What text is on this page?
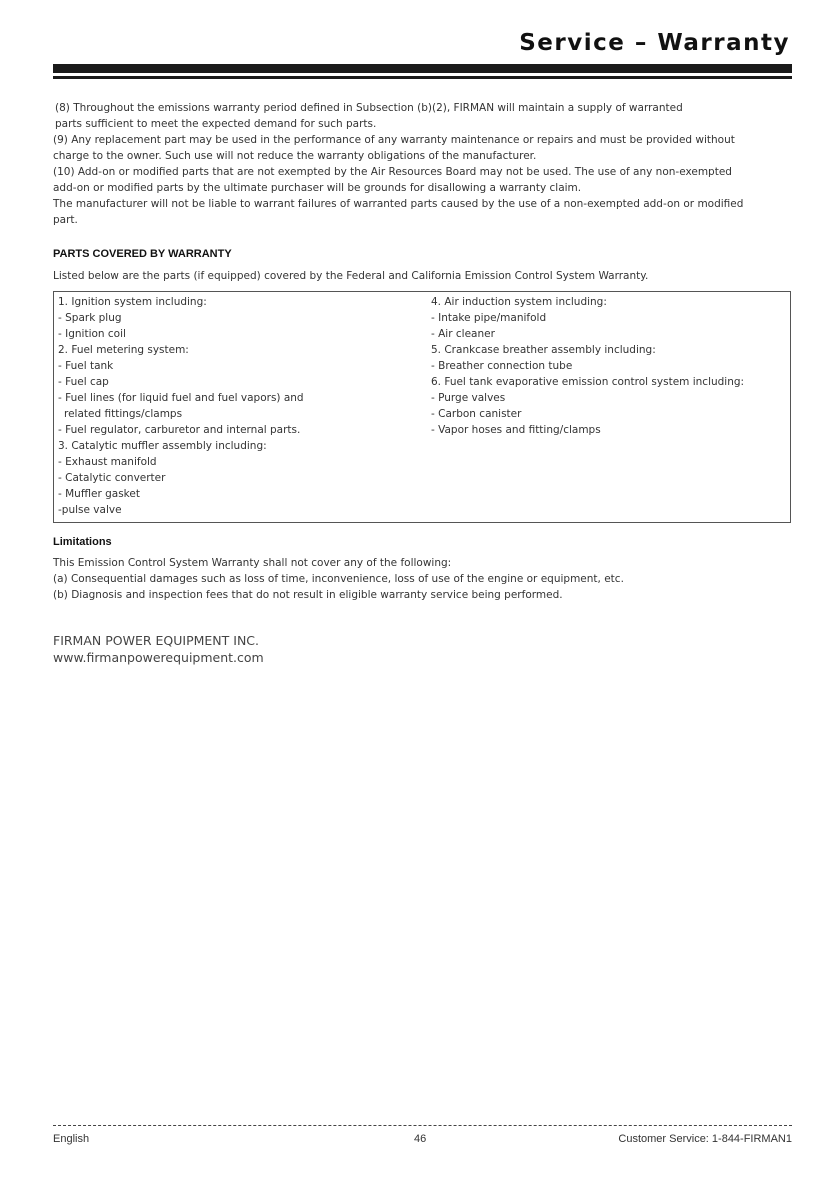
Service – Warranty

(8) Throughout the emissions warranty period defined in Subsection (b)(2), FIRMAN will maintain a supply of warranted

parts sufficient to meet the expected demand for such parts.

(9) Any replacement part may be used in the performance of any warranty maintenance or repairs and must be provided without

charge to the owner. Such use will not reduce the warranty obligations of the manufacturer.

(10) Add-on or modified parts that are not exempted by the Air Resources Board may not be used. The use of any non-exempted

add-on or modified parts by the ultimate purchaser will be grounds for disallowing a warranty claim.

The manufacturer will not be liable to warrant failures of warranted parts caused by the use of a non-exempted add-on or modified

part.

PARTS COVERED BY WARRANTY
Listed below are the parts (if equipped) covered by the Federal and California Emission Control System Warranty.
1. Ignition system including:
- Spark plug
- Ignition coil
2. Fuel metering system:
- Fuel tank
- Fuel cap
- Fuel lines (for liquid fuel and fuel vapors) and
related fittings/clamps
- Fuel regulator, carburetor and internal parts.
3. Catalytic muffler assembly including:
- Exhaust manifold
- Catalytic converter
- Muffler gasket
-pulse valve
4. Air induction system including:
- Intake pipe/manifold
- Air cleaner
5. Crankcase breather assembly including:
- Breather connection tube
6. Fuel tank evaporative emission control system including:
- Purge valves
- Carbon canister
- Vapor hoses and fitting/clamps
Limitations

This Emission Control System Warranty shall not cover any of the following:

(a) Consequential damages such as loss of time, inconvenience, loss of use of the engine or equipment, etc.

(b) Diagnosis and inspection fees that do not result in eligible warranty service being performed.

FIRMAN POWER EQUIPMENT INC.
www.firmanpowerequipment.com
English	46	Customer Service: 1-844-FIRMAN1
